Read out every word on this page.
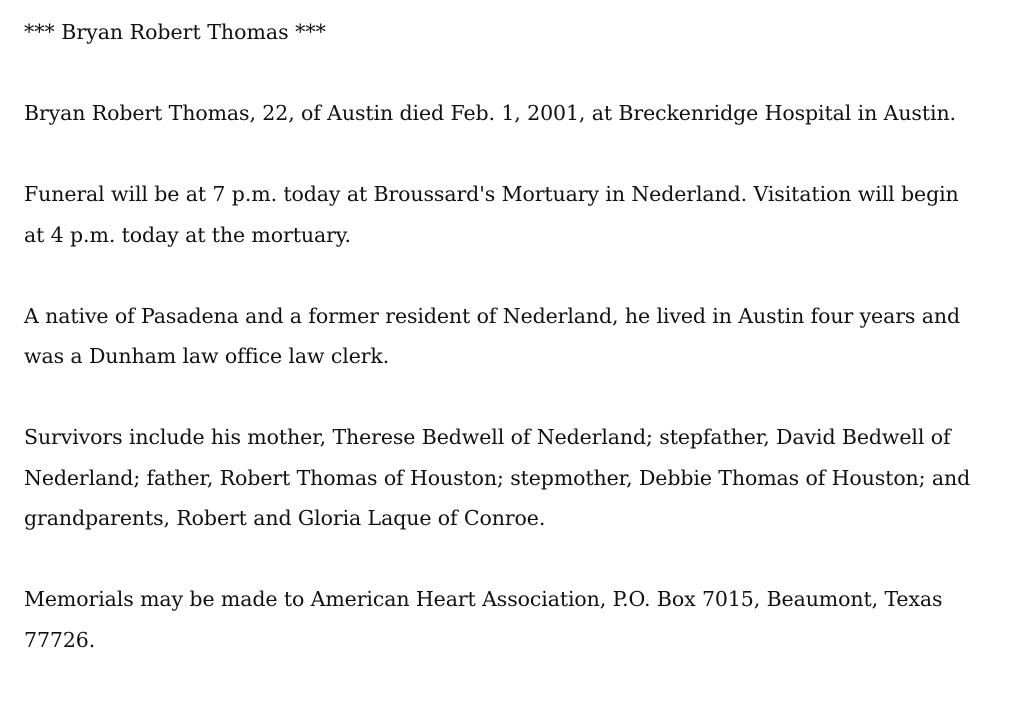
*** Bryan Robert Thomas ***

Bryan Robert Thomas, 22, of Austin died Feb. 1, 2001, at Breckenridge Hospital in Austin.

Funeral will be at 7 p.m. today at Broussard's Mortuary in Nederland. Visitation will begin at 4 p.m. today at the mortuary.

A native of Pasadena and a former resident of Nederland, he lived in Austin four years and was a Dunham law office law clerk.

Survivors include his mother, Therese Bedwell of Nederland; stepfather, David Bedwell of Nederland; father, Robert Thomas of Houston; stepmother, Debbie Thomas of Houston; and grandparents, Robert and Gloria Laque of Conroe.

Memorials may be made to American Heart Association, P.O. Box 7015, Beaumont, Texas 77726.
